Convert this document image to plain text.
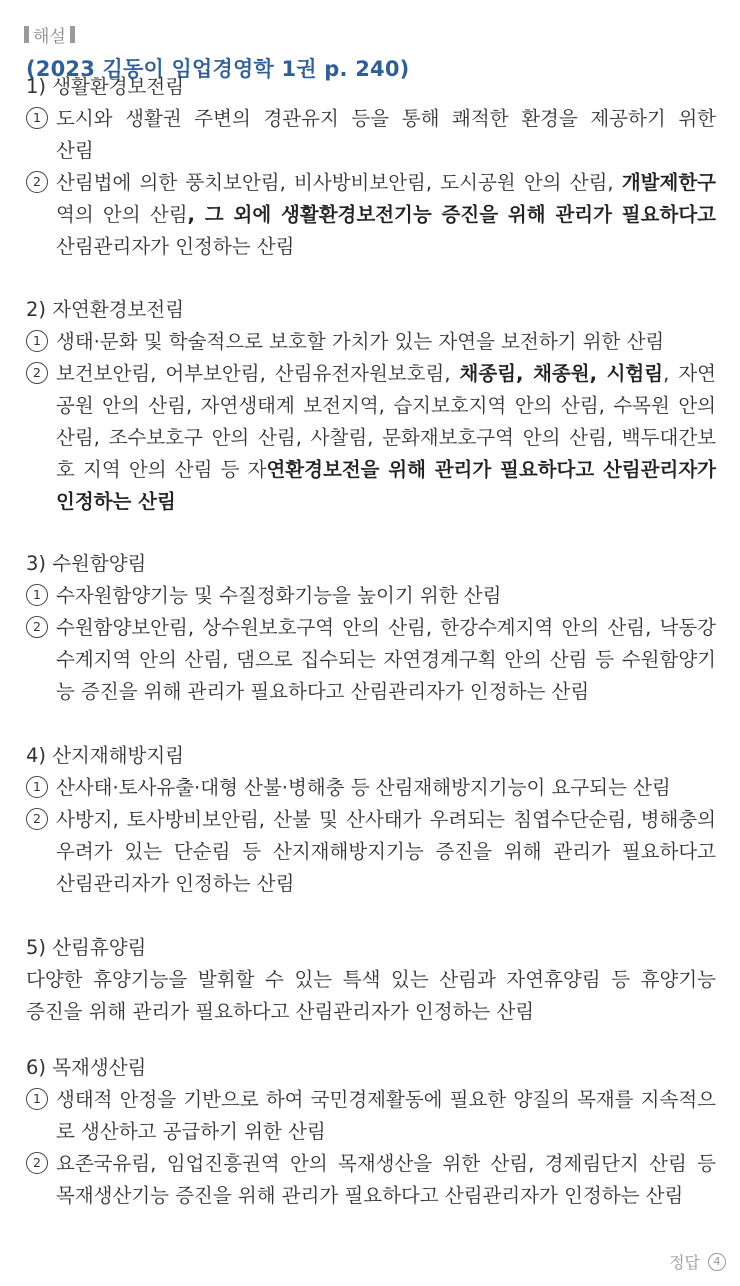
해설
(2023 김동이 임업경영학 1권 p. 240)
1) 생활환경보전림
1 도시와 생활권 주변의 경관유지 등을 통해 쾌적한 환경을 제공하기 위한
산림
2 산림법에 의한 풍치보안림, 비사방비보안림, 도시공원 안의 산림, 개발제한구
역의 안의 산림, 그 외에 생활환경보전기능 증진을 위해 관리가 필요하다고
산림관리자가 인정하는 산림
2) 자연환경보전림
1 생태·문화 및 학술적으로 보호할 가치가 있는 자연을 보전하기 위한 산림
2 보건보안림, 어부보안림, 산림유전자원보호림, 채종림, 채종원, 시험림, 자연
공원 안의 산림, 자연생태계 보전지역, 습지보호지역 안의 산림, 수목원 안의
산림, 조수보호구 안의 산림, 사찰림, 문화재보호구역 안의 산림, 백두대간보
호 지역 안의 산림 등 자연환경보전을 위해 관리가 필요하다고 산림관리자가
인정하는 산림
3) 수원함양림
1 수자원함양기능 및 수질정화기능을 높이기 위한 산림
2 수원함양보안림, 상수원보호구역 안의 산림, 한강수계지역 안의 산림, 낙동강
수계지역 안의 산림, 댐으로 집수되는 자연경계구획 안의 산림 등 수원함양기
능 증진을 위해 관리가 필요하다고 산림관리자가 인정하는 산림
4) 산지재해방지림
1 산사태·토사유출·대형 산불·병해충 등 산림재해방지기능이 요구되는 산림
2 사방지, 토사방비보안림, 산불 및 산사태가 우려되는 침엽수단순림, 병해충의
우려가 있는 단순림 등 산지재해방지기능 증진을 위해 관리가 필요하다고
산림관리자가 인정하는 산림
5) 산림휴양림
다양한 휴양기능을 발휘할 수 있는 특색 있는 산림과 자연휴양림 등 휴양기능
증진을 위해 관리가 필요하다고 산림관리자가 인정하는 산림
6) 목재생산림
1 생태적 안정을 기반으로 하여 국민경제활동에 필요한 양질의 목재를 지속적으
로 생산하고 공급하기 위한 산림
2 요존국유림, 임업진흥권역 안의 목재생산을 위한 산림, 경제림단지 산림 등
목재생산기능 증진을 위해 관리가 필요하다고 산림관리자가 인정하는 산림
정답	4
